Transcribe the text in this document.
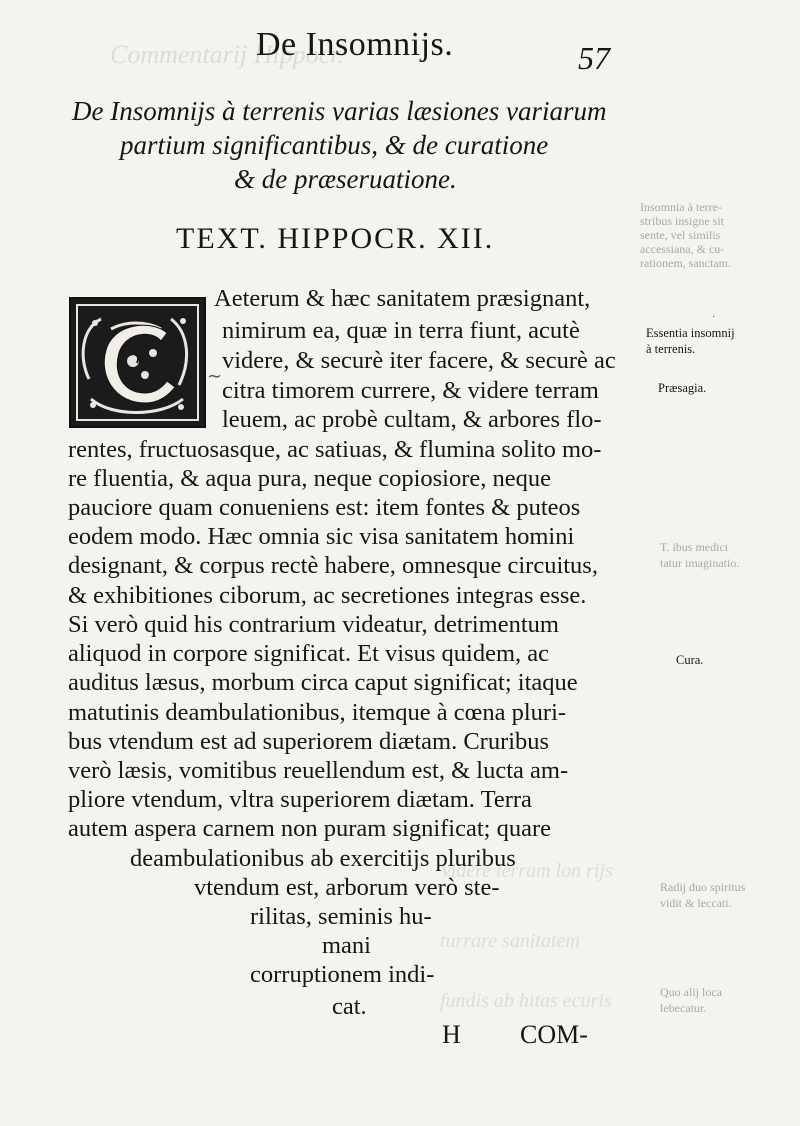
Commentarij Hippocr.
Insomnia à terre-
stribus insigne sit
sente, vel similis
accessiana, & cu-
rationem, sanctam.
T. ibus medici
tatur imaginatio.
Radij duo spiritus
vidit & leccati.
Quo alij loca
lebecatur.
Videre terram lon rijs
turrare sanitatem
fundis ab hitas ecuris
De Insomnijs.	57
De Insomnijs à terrenis varias læsiones variarum
partium significantibus, & de curatione
& de præseruatione.
TEXT. HIPPOCR. XII.
Aeterum & hæc sanitatem præsignant,
nimirum ea, quæ in terra fiunt, acutè
videre, & securè iter facere, & securè ac
citra timorem currere, & videre terram
leuem, ac probè cultam, & arbores flo-
rentes, fructuosasque, ac satiuas, & flumina solito mo-
re fluentia, & aqua pura, neque copiosiore, neque
pauciore quam conueniens est: item fontes & puteos
eodem modo. Hæc omnia sic visa sanitatem homini
designant, & corpus rectè habere, omnesque circuitus,
& exhibitiones ciborum, ac secretiones integras esse.
Si verò quid his contrarium videatur, detrimentum
aliquod in corpore significat. Et visus quidem, ac
auditus læsus, morbum circa caput significat; itaque
matutinis deambulationibus, itemque à cœna pluri-
bus vtendum est ad superiorem diætam. Cruribus
verò læsis, vomitibus reuellendum est, & lucta am-
pliore vtendum, vltra superiorem diætam. Terra
autem aspera carnem non puram significat; quare
deambulationibus ab exercitijs pluribus
vtendum est, arborum verò ste-
rilitas, seminis hu-
mani
corruptionem indi-
cat.
Essentia insomnij
à terrenis.
Præsagia.
Cura.
∼
·
H COM-
